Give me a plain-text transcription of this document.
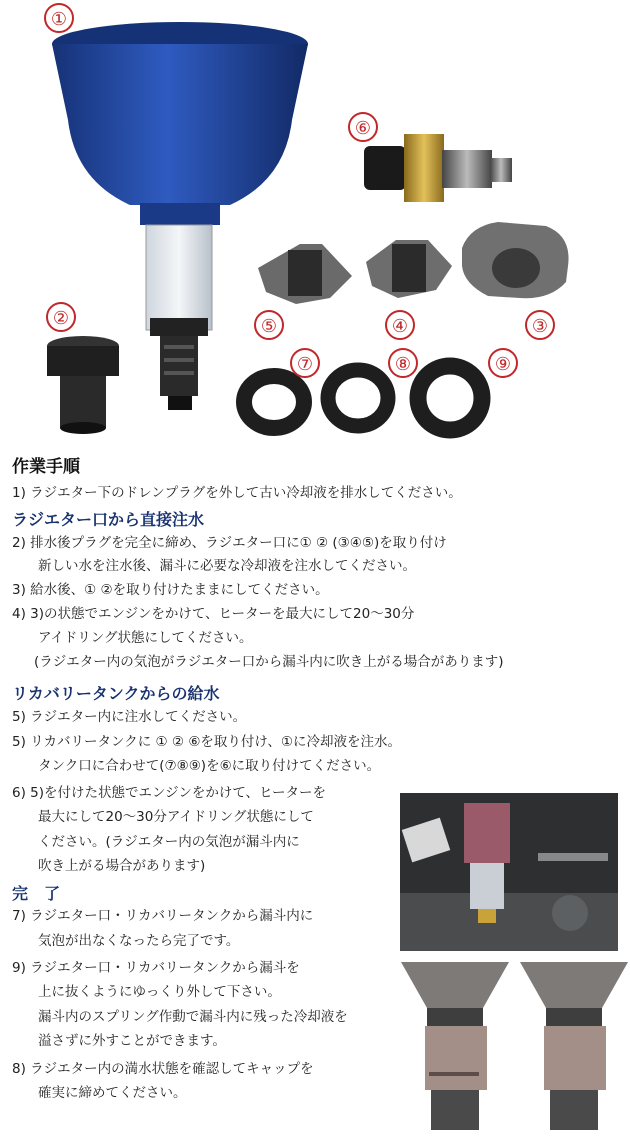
①
②	③
④
⑤
⑥
⑦	⑧	⑨
作業手順
1) ラジエター下のドレンプラグを外して古い冷却液を排水してください。
ラジエター口から直接注水
2) 排水後プラグを完全に締め、ラジエター口に① ② (③④⑤)を取り付け
新しい水を注水後、漏斗に必要な冷却液を注水してください。
3) 給水後、① ②を取り付けたままにしてください。
4) 3)の状態でエンジンをかけて、ヒーターを最大にして20～30分
アイドリング状態にしてください。
(ラジエター内の気泡がラジエター口から漏斗内に吹き上がる場合があります)
リカバリータンクからの給水
5) ラジエター内に注水してください。
5) リカバリータンクに ① ② ⑥を取り付け、①に冷却液を注水。
タンク口に合わせて(⑦⑧⑨)を⑥に取り付けてください。
6) 5)を付けた状態でエンジンをかけて、ヒーターを
最大にして20～30分アイドリング状態にして
ください。(ラジエター内の気泡が漏斗内に
吹き上がる場合があります)
完　了
7) ラジエター口・リカバリータンクから漏斗内に
気泡が出なくなったら完了です。
9) ラジエター口・リカバリータンクから漏斗を
上に抜くようにゆっくり外して下さい。
漏斗内のスプリング作動で漏斗内に残った冷却液を
溢さずに外すことができます。
8) ラジエター内の満水状態を確認してキャップを
確実に締めてください。
